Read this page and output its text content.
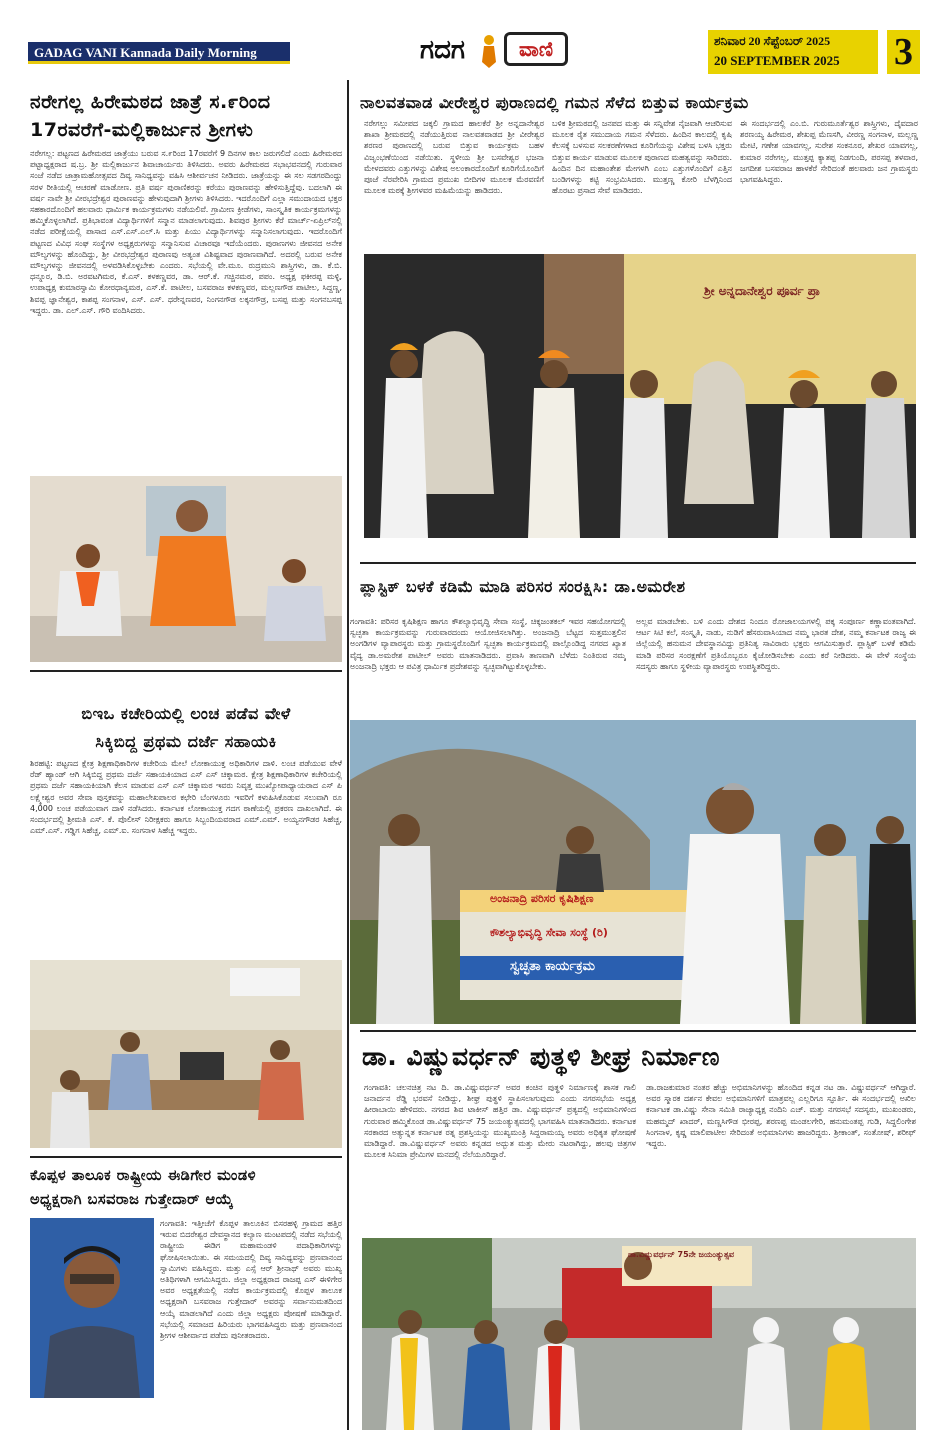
GADAG VANI Kannada Daily Morning	ಗದಗ	ವಾಣಿ	ಶನಿವಾರ 20 ಸೆಪ್ಟೆಂಬರ್ 2025
20 SEPTEMBER 2025	3
ನರೇಗಲ್ಲ ಹಿರೇಮಠದ ಜಾತ್ರೆ ಸ.೯ರಿಂದ
17ರವರೆಗೆ-ಮಲ್ಲಿಕಾರ್ಜುನ ಶ್ರೀಗಳು
ನರೇಗಲ್ಲ: ಪಟ್ಟಣದ ಹಿರೇಮಠದ ಜಾತ್ರೆಯು ಬರುವ ಸ.೯ರಿಂದ 17ರವರೆಗೆ 9 ದಿನಗಳ ಕಾಲ ಜರುಗಲಿದೆ ಎಂದು ಹಿರೇಮಠದ ಪಟ್ಟಾಧ್ಯಕ್ಷರಾದ ಷ.ಬ್ರ. ಶ್ರೀ ಮಲ್ಲಿಕಾರ್ಜುನ ಶಿವಾಚಾರ್ಯರು ತಿಳಿಸಿದರು. ಅವರು ಹಿರೇಮಠದ ಸಭಾಭವನದಲ್ಲಿ ಗುರುವಾರ ಸಂಜೆ ನಡೆದ ಜಾತ್ರಾಮಹೋತ್ಸವದ ದಿವ್ಯ ಸಾನಿಧ್ಯವನ್ನು ವಹಿಸಿ ಆಶೀರ್ವಚನ ನೀಡಿದರು. ಜಾತ್ರೆಯನ್ನು ಈ ಸಲ ಸಡಗರದಿಂದ್ದು ಸರಳ ರೀತಿಯಲ್ಲಿ ಆಚರಣೆ ಮಾಡೋಣ. ಪ್ರತಿ ವರ್ಷ ಪುರಾಣಿಕರನ್ನು ಕರೆಯು ಪುರಾಣವನ್ನು ಹೇಳಿಸುತ್ತಿದ್ದೆವು. ಬದಲಾಗಿ ಈ ವರ್ಷ ನಾವೇ ಶ್ರೀ ವೀರಭದ್ರೇಶ್ವರ ಪುರಾಣವನ್ನು ಹೇಳುವುದಾಗಿ ಶ್ರೀಗಳು ತಿಳಿಸಿದರು. ಇದರೊಂದಿಗೆ ಎಲ್ಲಾ ಸಮುದಾಯದ ಭಕ್ತರ ಸಹಕಾರದೊಂದಿಗೆ ಹಲವಾರು ಧಾರ್ಮಿಕ ಕಾರ್ಯಕ್ರಮಗಳು ನಡೆಯಲಿವೆ. ಗ್ರಾಮೀಣ ಕ್ರೀಡೆಗಳು, ಸಾಂಸ್ಕೃತಿಕ ಕಾರ್ಯಕ್ರಮಗಳನ್ನು ಹಮ್ಮಿಕೊಳ್ಳಲಾಗಿದೆ. ಪ್ರತಿಭಾವಂತ ವಿದ್ಯಾರ್ಥಿಗಳಿಗೆ ಸನ್ಮಾನ ಮಾಡಲಾಗುವುದು. ಶಿವಪುರ ಶ್ರೀಗಳು ಕೆರೆ ಮಾರ್ಚ್-ಏಪ್ರಿಲ್‌ನಲ್ಲಿ ನಡೆದ ಪರೀಕ್ಷೆಯಲ್ಲಿ ಪಾಸಾದ ಎಸ್.ಎಸ್.ಎಲ್.ಸಿ ಮತ್ತು ಪಿಯು ವಿದ್ಯಾರ್ಥಿಗಳನ್ನು ಸನ್ಮಾನಿಸಲಾಗುವುದು. ಇದರೊಂದಿಗೆ ಪಟ್ಟಣದ ವಿವಿಧ ಸಂಘ ಸಂಸ್ಥೆಗಳ ಅಧ್ಯಕ್ಷರುಗಳನ್ನು ಸನ್ಮಾನಿಸುವ ವಿಚಾರವೂ ಇದೆಯೆಂದರು. ಪುರಾಣಗಳು ಜೀವನದ ಅನೇಕ ಮೌಲ್ಯಗಳನ್ನು ಹೊಂದಿದ್ದು, ಶ್ರೀ ವೀರಭದ್ರೇಶ್ವರ ಪುರಾಣವು ಅತ್ಯಂತ ವಿಶಿಷ್ಟವಾದ ಪುರಾಣವಾಗಿದೆ. ಅದರಲ್ಲಿ ಬರುವ ಅನೇಕ ಮೌಲ್ಯಗಳನ್ನು ಜೀವನದಲ್ಲಿ ಅಳವಡಿಸಿಕೊಳ್ಳಬೇಕು ಎಂದರು. ಸಭೆಯಲ್ಲಿ ವೇ.ಮೂ. ರುದ್ರಮುನಿ ಶಾಸ್ತ್ರಿಗಳು, ಡಾ. ಕೆ.ಬಿ. ಧನ್ನೂರ, ಡಿ.ಬಿ. ಅರವಟಗಿಮಠ, ಕೆ.ಎಸ್. ಕಳಕಣ್ಣವರ, ಡಾ. ಆರ್.ಕೆ. ಗಚ್ಚಿನಮಠ, ಪಪಂ. ಅಧ್ಯಕ್ಷ ಫಕೀರಪ್ಪ ಮಳ್ಳಿ, ಉಪಾಧ್ಯಕ್ಷ ಕುಮಾರಸ್ವಾಮಿ ಕೋರಧಾನ್ಯಮಠ, ಎಸ್.ಕೆ. ಪಾಟೀಲ, ಬಸವರಾಜ ಕಳಕಣ್ಣವರ, ಮಲ್ಲಣಗೌಡ ಪಾಟೀಲ, ಸಿದ್ದಣ್ಣ, ಶಿವಪ್ಪ ಜ್ಞಾನೇಶ್ವರ, ಕಾಶಪ್ಪ ಸಂಗನಾಳ, ಎಸ್. ಎಸ್. ಧರೇನ್ನಣವರ, ನಿಂಗನಗೌಡ ಲಕ್ಕನಗೌಡ್ರ, ಬಸಪ್ಪ ಮತ್ತು ಸಂಗನಬಸಪ್ಪ ಇದ್ದರು. ಡಾ. ಎಲ್.ಎಸ್. ಗೌರಿ ವಂದಿಸಿದರು.
ಬಿಇಒ ಕಚೇರಿಯಲ್ಲಿ ಲಂಚ ಪಡೆವ ವೇಳೆ
ಸಿಕ್ಕಿಬಿದ್ದ ಪ್ರಥಮ ದರ್ಜೆ ಸಹಾಯಕಿ
ಶಿರಹಟ್ಟಿ: ಪಟ್ಟಣದ ಕ್ಷೇತ್ರ ಶಿಕ್ಷಣಾಧಿಕಾರಿಗಳ ಕಚೇರಿಯ ಮೇಲೆ ಲೋಕಾಯುಕ್ತ ಅಧಿಕಾರಿಗಳ ದಾಳಿ. ಲಂಚ ಪಡೆಯುವ ವೇಳೆ ರೆಡ್ ಹ್ಯಾಂಡ್ ಆಗಿ ಸಿಕ್ಕಿಬಿದ್ದ ಪ್ರಥಮ ದರ್ಜೆ ಸಹಾಯಕಿಯಾದ ಎಸ್ ಎಸ್ ಚಿಕ್ಕಾಮಠ. ಕ್ಷೇತ್ರ ಶಿಕ್ಷಣಾಧಿಕಾರಿಗಳ ಕಚೇರಿಯಲ್ಲಿ ಪ್ರಥಮ ದರ್ಜೆ ಸಹಾಯಕಿಯಾಗಿ ಕೆಲಸ ಮಾಡುವ ಎಸ್ ಎಸ್ ಚಿಕ್ಕಾಮಠ ಇವರು ನಿವೃತ್ತ ಮುಖ್ಯೋಪಾಧ್ಯಾಯರಾದ ಎಸ್ ಪಿ ಲಕ್ಷ್ಮೇಶ್ವರ ಅವರ ಸೇವಾ ಪುಸ್ತಕವನ್ನು ಮಹಾಲೇಖಪಾಲರ ಕಛೇರಿ ಬೆಂಗಳೂರು ಇವರಿಗೆ ಕಳುಹಿಸಿಕೊಡುವ ಸಲುವಾಗಿ ರೂ 4,000 ಲಂಚ ಪಡೆಯುವಾಗ ದಾಳಿ ನಡೆಸಿದರು. ಕರ್ನಾಟಕ ಲೋಕಾಯುಕ್ತ ಗದಗ ಠಾಣೆಯಲ್ಲಿ ಪ್ರಕರಣ ದಾಖಲಾಗಿದೆ. ಈ ಸಂದರ್ಭದಲ್ಲಿ ಶ್ರೀಮತಿ ಎಸ್. ಕೆ. ಪೊಲೀಸ್ ನಿರೀಕ್ಷಕರು ಹಾಗೂ ಸಿಬ್ಬಂದಿಯವರಾದ ಎಮ್.ಎಮ್. ಅಯ್ಯನಗೌಡರ ಸಿಹೆಚ್ಚ, ಎಮ್.ಎಸ್. ಗಡ್ಡಿಗ ಸಿಹೆಚ್ಚ, ಎಮ್.ಐ. ಸಂಗನಾಳ ಸಿಹೆಚ್ಚ ಇದ್ದರು.
ಕೊಪ್ಪಳ ತಾಲೂಕ ರಾಷ್ಟ್ರೀಯ ಈಡಿಗೇರ ಮಂಡಳಿ
ಅಧ್ಯಕ್ಷರಾಗಿ ಬಸವರಾಜ ಗುತ್ತೇದಾರ್ ಆಯ್ಕೆ
ಗಂಗಾವತಿ: ಇತ್ತೀಚೆಗೆ ಕೊಪ್ಪಳ ತಾಲೂಕಿನ ಬಿಸರಹಳ್ಳಿ ಗ್ರಾಮದ ಹತ್ತಿರ ಇರುವ ಬಿದರೇಶ್ವರ ದೇವಸ್ಥಾನದ ಕಲ್ಯಾಣ ಮಂಟಪದಲ್ಲಿ ನಡೆದ ಸಭೆಯಲ್ಲಿ ರಾಷ್ಟ್ರೀಯ ಈಡಿಗ ಮಹಾಮಂಡಳಿ ಪದಾಧಿಕಾರಿಗಳನ್ನು ಘೋಷಿಸಲಾಯಿತು. ಈ ಸಮಯದಲ್ಲಿ ದಿವ್ಯ ಸಾನಿಧ್ಯವನ್ನು ಪ್ರಣವಾನಂದ ಸ್ವಾಮಿಗಳು ವಹಿಸಿದ್ದರು. ಮತ್ತು ಎಸ್ಸೆ ಆರ್ ಶ್ರೀನಾಥ್ ಅವರು ಮುಖ್ಯ ಅತಿಥಿಗಳಾಗಿ ಆಗಮಿಸಿದ್ದರು. ಜಿಲ್ಲಾ ಅಧ್ಯಕ್ಷರಾದ ರಾಜಪ್ಪ ಎಸ್ ಈಳಿಗೇರ ಅವರ ಅಧ್ಯಕ್ಷತೆಯಲ್ಲಿ ನಡೆದ ಕಾರ್ಯಕ್ರಮದಲ್ಲಿ ಕೊಪ್ಪಳ ತಾಲೂಕ ಅಧ್ಯಕ್ಷರಾಗಿ ಬಸವರಾಜ ಗುತ್ತೇದಾರ್ ಅವರನ್ನು ಸರ್ವಾನುಮತದಿಂದ ಆಯ್ಕೆ ಮಾಡಲಾಗಿದೆ ಎಂದು ಜಿಲ್ಲಾ ಅಧ್ಯಕ್ಷರು ಪೋಷಣೆ ಮಾಡಿದ್ದಾರೆ. ಸಭೆಯಲ್ಲಿ ಸಮಾಜದ ಹಿರಿಯರು ಭಾಗವಹಿಸಿದ್ದರು ಮತ್ತು ಪ್ರಣವಾನಂದ ಶ್ರೀಗಳ ಆಶೀರ್ವಾದ ಪಡೆದು ಪುನೀತರಾದರು.
ನಾಲವತವಾಡ ವೀರೇಶ್ವರ ಪುರಾಣದಲ್ಲಿ ಗಮನ ಸೆಳೆದ ಬಿತ್ತುವ ಕಾರ್ಯಕ್ರಮ
ನರೇಗಲ್ಲು ಸಮೀಪದ ಜಕ್ಕಲಿ ಗ್ರಾಮದ ಹಾಲಕೆರೆ ಶ್ರೀ ಅನ್ನದಾನೇಶ್ವರ ಶಾಖಾ ಶ್ರೀಮಠದಲ್ಲಿ ನಡೆಯುತ್ತಿರುವ ನಾಲವತವಾಡದ ಶ್ರೀ ವೀರೇಶ್ವರ ಶರಣರ ಪುರಾಣದಲ್ಲಿ ಬರುವ ಬಿತ್ತುವ ಕಾರ್ಯಕ್ರಮ ಬಹಳ ವಿಜೃಂಭಣೆಯಿಂದ ನಡೆಯಿತು. ಸ್ಥಳೀಯ ಶ್ರೀ ಬಸವೇಶ್ವರ ಭಜನಾ ಮೇಳದವರು ಎತ್ತುಗಳನ್ನು ವಿಶೇಷ ಅಲಂಕಾರದೊಂದಿಗೆ ಕೂರಿಗೆಯೊಂದಿಗೆ ಪೂಜೆ ನೆರವೇರಿಸಿ ಗ್ರಾಮದ ಪ್ರಮುಖ ಬೀದಿಗಳ ಮೂಲಕ ಮೆರವಣಿಗೆ ಮೂಲಕ ಮಠಕ್ಕೆ ಶ್ರೀಗಳವರ ಮಹಿಮೆಯನ್ನು ಹಾಡಿದರು.
ಬಳಿಕ ಶ್ರೀಮಠದಲ್ಲಿ ಜನಪದ ಮತ್ತು ಈ ಸನ್ನಿವೇಶ ನೈಜವಾಗಿ ಆಚರಿಸುವ ಮೂಲಕ ರೈತ ಸಮುದಾಯ ಗಮನ ಸೆಳೆದರು. ಹಿಂದಿನ ಕಾಲದಲ್ಲಿ ಕೃಷಿ ಕೆಲಸಕ್ಕೆ ಬಳಸುವ ಸಲಕರಣೆಗಳಾದ ಕೂರಿಗೆಯನ್ನು ವಿಶೇಷ ಬಳಸಿ ಭಕ್ತರು ಬಿತ್ತುವ ಕಾರ್ಯ ಮಾಡುವ ಮೂಲಕ ಪುರಾಣದ ಮಹತ್ವವನ್ನು ಸಾರಿದರು. ಹಿಂದಿನ ದಿನ ಮಹಾಂತೇಶ ಮೇಗಳಗಿ ಎಂಬ ಎತ್ತುಗಳೊಂದಿಗೆ ಎತ್ತಿನ ಬಂಡಿಗಳನ್ನು ಕಟ್ಟಿ ಸಂಭ್ರಮಿಸಿದರು. ಮುತ್ತಣ್ಣ ಕೋರಿ ಬೆಳಗ್ಗಿನಿಂದ ಹೊರಟು ಪ್ರಸಾದ ಸೇವೆ ಮಾಡಿದರು.
ಈ ಸಂದರ್ಭದಲ್ಲಿ ಎಂ.ಬಿ. ಗುರುಮೂರ್ತೆಶ್ವರ ಶಾಸ್ತ್ರಿಗಳು, ದೈವದಾರ ಶರಣಯ್ಯ ಹಿರೇಮಠ, ಶೇಖಪ್ಪ ಮೆಣಸಗಿ, ವೀರಣ್ಣ ಸಂಗನಾಳ, ಮಲ್ಲಣ್ಣ ಮೇಟಿ, ಗಣೇಶ ಯಾವಗಲ್ಲ, ಸುರೇಶ ಸಂಕನೂರ, ಶೇಖರ ಯಾವಗಲ್ಲ, ಕುಮಾರ ನರೇಗಲ್ಲ, ಮುತ್ತಪ್ಪ ಕ್ಯಾತಪ್ಪ ನಿಡಗುಂದಿ, ಪರಸಪ್ಪ ತಳವಾರ, ಜಗದೀಶ ಬಸವರಾಜ ಹಾಳಕೆರೆ ಸೇರಿದಂತೆ ಹಲವಾರು ಜನ ಗ್ರಾಮಸ್ಥರು ಭಾಗವಹಿಸಿದ್ದರು.
ಶ್ರೀ ಅನ್ನದಾನೇಶ್ವರ ಪೂರ್ವ ಪ್ರಾ
ಪ್ಲಾಸ್ಟಿಕ್ ಬಳಕೆ ಕಡಿಮೆ ಮಾಡಿ ಪರಿಸರ ಸಂರಕ್ಷಿಸಿ: ಡಾ.ಅಮರೇಶ
ಗಂಗಾವತಿ: ಪರಿಸರ ಕೃಷಿಶಿಕ್ಷಣ ಹಾಗೂ ಕೌಶಲ್ಯಾಭಿವೃದ್ಧಿ ಸೇವಾ ಸಂಸ್ಥೆ, ಚಿಕ್ಕಜಂತಕಲ್ ಇವರ ಸಹಯೋಗದಲ್ಲಿ ಸ್ವಚ್ಛತಾ ಕಾರ್ಯಕ್ರಮವನ್ನು ಗುರುವಾರದಂದು ಆಯೋಜಿಸಲಾಗಿತ್ತು. ಅಂಜನಾದ್ರಿ ಬೆಟ್ಟದ ಸುತ್ತಮುತ್ತಲಿನ ಅಂಗಡಿಗಳ ವ್ಯಾಪಾರಸ್ಥರು ಮತ್ತು ಗ್ರಾಮಸ್ಥರೊಂದಿಗೆ ಸ್ವಚ್ಛತಾ ಕಾರ್ಯಕ್ರಮದಲ್ಲಿ ಪಾಲ್ಗೊಂಡಿದ್ದ ನಗರದ ಖ್ಯಾತ ವೈದ್ಯ ಡಾ.ಅಮರೇಶ ಪಾಟೀಲ್ ಅವರು ಮಾತನಾಡಿದರು. ಪ್ರವಾಸಿ ತಾಣವಾಗಿ ಬೆಳೆದು ನಿಂತಿರುವ ನಮ್ಮ ಅಂಜನಾದ್ರಿ ಭಕ್ತರು ಆ ಪವಿತ್ರ ಧಾರ್ಮಿಕ ಪ್ರದೇಶವನ್ನು ಸ್ವಚ್ಛವಾಗಿಟ್ಟುಕೊಳ್ಳಬೇಕು.
ಅಲ್ಲವ ಮಾಡಬೇಕು. ಬಳಿ ಎಂದು ದೇಶದ ನಿಂದೂ ರೋಜಾಲಯಗಳಲ್ಲಿ ಪಕ್ಕ ಸಂಪೂರ್ಣ ಕಣ್ಣಾವಂತವಾಗಿದೆ. ಆರ್ಟ ಸಿಟಿ ಕಲೆ, ಸಂಸ್ಕೃತಿ, ನಾಡು, ನುಡಿಗೆ ಹೆಸರುವಾಸಿಯಾದ ನಮ್ಮ ಭಾರತ ದೇಶ, ನಮ್ಮ ಕರ್ನಾಟಕ ರಾಜ್ಯ ಈ ಜಿಲ್ಲೆಯಲ್ಲಿ ಹನುಮನ ದೇವಸ್ಥಾನವಿದ್ದು ಪ್ರತಿನಿತ್ಯ ಸಾವಿರಾರು ಭಕ್ತರು ಆಗಮಿಸುತ್ತಾರೆ. ಪ್ಲಾಸ್ಟಿಕ್ ಬಳಕೆ ಕಡಿಮೆ ಮಾಡಿ ಪರಿಸರ ಸಂರಕ್ಷಣೆಗೆ ಪ್ರತಿಯೊಬ್ಬರೂ ಕೈಜೋಡಿಸಬೇಕು ಎಂದು ಕರೆ ನೀಡಿದರು. ಈ ವೇಳೆ ಸಂಸ್ಥೆಯ ಸದಸ್ಯರು ಹಾಗೂ ಸ್ಥಳೀಯ ವ್ಯಾಪಾರಸ್ಥರು ಉಪಸ್ಥಿತರಿದ್ದರು.
ಅಂಜನಾದ್ರಿ ಪರಿಸರ ಕೃಷಿಶಿಕ್ಷಣ
ಕೌಶಲ್ಯಾಭಿವೃದ್ಧಿ ಸೇವಾ ಸಂಸ್ಥೆ (ರಿ)
ಸ್ವಚ್ಛತಾ ಕಾರ್ಯಕ್ರಮ
ಡಾ. ವಿಷ್ಣುವರ್ಧನ್ ಪುತ್ಥಳಿ ಶೀಘ್ರ ನಿರ್ಮಾಣ
ಗಂಗಾವತಿ: ಚಲನಚಿತ್ರ ನಟ ದಿ. ಡಾ.ವಿಷ್ಣುವರ್ಧನ್ ಅವರ ಕಂಚಿನ ಪುತ್ಥಳಿ ನಿರ್ಮಾಣಕ್ಕೆ ಶಾಸಕ ಗಾಲಿ ಜನಾರ್ದನ ರೆಡ್ಡಿ ಭರವಸೆ ನೀಡಿದ್ದು, ಶೀಘ್ರ ಪುತ್ಥಳಿ ಸ್ಥಾಪಿಸಲಾಗುವುದು ಎಂದು ನಗರಸಭೆಯ ಅಧ್ಯಕ್ಷ ಹೀರಾಬಾಯಿ ಹೇಳಿದರು. ನಗರದ ಶಿವ ಟಾಕೀಸ್ ಹತ್ತಿರ ಡಾ. ವಿಷ್ಣುವರ್ಧನ್ ಪ್ರತ್ಯದಲ್ಲಿ ಅಭಿಮಾನಿಗಳಿಂದ ಗುರುವಾರ ಹಮ್ಮಿಕೊಂಡ ಡಾ.ವಿಷ್ಣುವರ್ಧನ್ 75 ಜಯಂತ್ಯುತ್ಸವದಲ್ಲಿ ಭಾಗವಹಿಸಿ ಮಾತನಾಡಿದರು. ಕರ್ನಾಟಕ ಸರಕಾರದ ಅತ್ಯುನ್ನತ ಕರ್ನಾಟಕ ರತ್ನ ಪ್ರಶಸ್ತಿಯನ್ನು ಮುಖ್ಯಮಂತ್ರಿ ಸಿದ್ದರಾಮಯ್ಯ ಅವರು ಅಧಿಕೃತ ಘೋಷಣೆ ಮಾಡಿದ್ದಾರೆ. ಡಾ.ವಿಷ್ಣುವರ್ಧನ್ ಅವರು ಕನ್ನಡದ ಅದ್ಭುತ ಮತ್ತು ಮೇರು ನಟರಾಗಿದ್ದು, ಹಲವು ಚಿತ್ರಗಳ ಮೂಲಕ ಸಿನಿಮಾ ಪ್ರೇಮಿಗಳ ಮನದಲ್ಲಿ ನೆಲೆಯೂರಿದ್ದಾರೆ.
ಡಾ.ರಾಜಕುಮಾರ ನಂತರ ಹೆಚ್ಚು ಅಭಿಮಾನಿಗಳನ್ನು ಹೊಂದಿದ ಕನ್ನಡ ನಟ ಡಾ. ವಿಷ್ಣುವರ್ಧನ್ ಆಗಿದ್ದಾರೆ. ಅವರ ಸ್ಮಾರಕ ದರ್ಶನ ಕೇವಲ ಅಭಿಮಾನಿಗಳಿಗೆ ಮಾತ್ರವಲ್ಲ ಎಲ್ಲರಿಗೂ ಸ್ಫೂರ್ತಿ. ಈ ಸಂದರ್ಭದಲ್ಲಿ ಅಖಿಲ ಕರ್ನಾಟಕ ಡಾ.ವಿಷ್ಣು ಸೇನಾ ಸಮಿತಿ ರಾಜ್ಯಾಧ್ಯಕ್ಷ ನಂದಿನಿ ಎಚ್. ಮತ್ತು ನಗರಸಭೆ ಸದಸ್ಯರು, ಮುಖಂಡರು, ಮಹಮ್ಮದ್ ಖಾದರ್, ಮಣ್ಣಸಿಗೌಡ ಭೀರಪ್ಪ, ಶರಣಪ್ಪ ಮಂಡಲಗೇರಿ, ಹನುಮಂತಪ್ಪ ಗುಡಿ, ಸಿದ್ದಲಿಂಗೇಶ ಸಿಂಗನಾಳ, ಕೃಷ್ಣ ಮಾಲಿಪಾಟೀಲ ಸೇರಿದಂತೆ ಅಭಿಮಾನಿಗಳು ಹಾಜರಿದ್ದರು. ಶ್ರೀಕಾಂತ್, ಸಂತೋಷ್, ಶರೀಫ್ ಇದ್ದರು.
ಡಾ.ವಿಷ್ಣುವರ್ಧನ್ 75ನೇ ಜಯಂತ್ಯುತ್ಸವ
